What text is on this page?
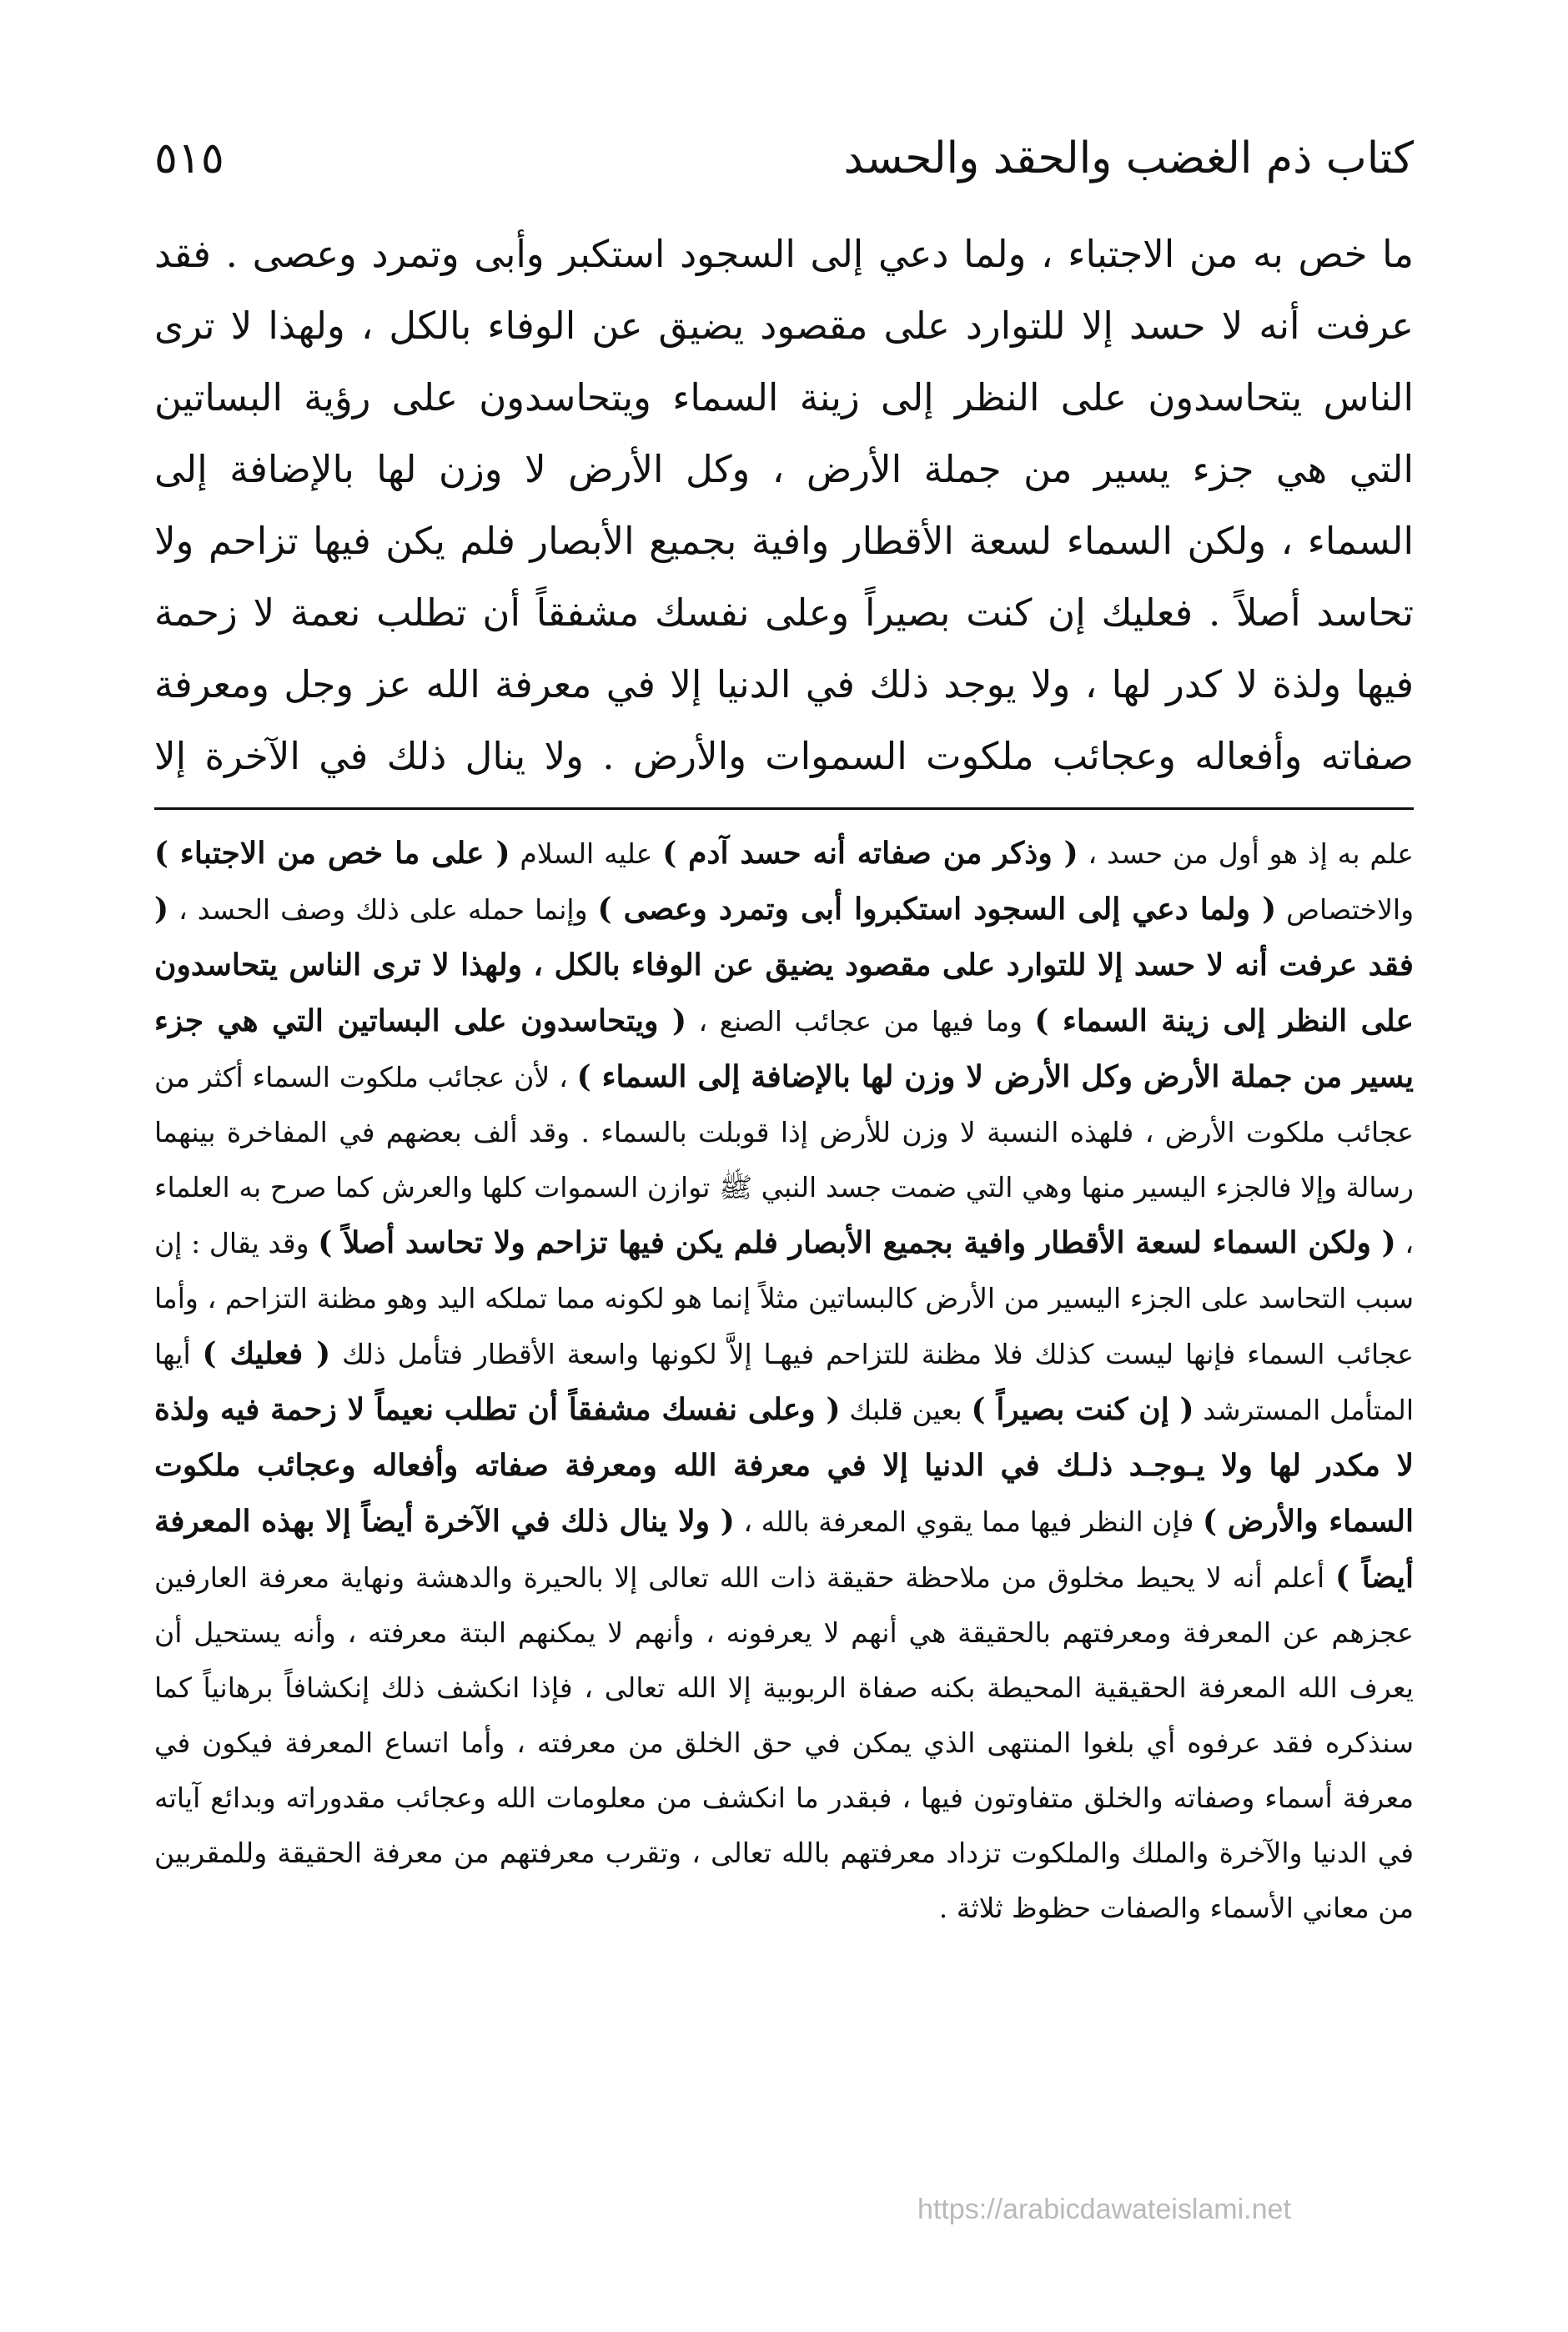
كتاب ذم الغضب والحقد والحسد
٥١٥
ما خص به من الاجتباء ، ولما دعي إلى السجود استكبر وأبى وتمرد وعصى . فقد عرفت أنه لا حسد إلا للتوارد على مقصود يضيق عن الوفاء بالكل ، ولهذا لا ترى الناس يتحاسدون على النظر إلى زينة السماء ويتحاسدون على رؤية البساتين التي هي جزء يسير من جملة الأرض ، وكل الأرض لا وزن لها بالإضافة إلى السماء ، ولكن السماء لسعة الأقطار وافية بجميع الأبصار فلم يكن فيها تزاحم ولا تحاسد أصلاً . فعليك إن كنت بصيراً وعلى نفسك مشفقاً أن تطلب نعمة لا زحمة فيها ولذة لا كدر لها ، ولا يوجد ذلك في الدنيا إلا في معرفة الله عز وجل ومعرفة صفاته وأفعاله وعجائب ملكوت السموات والأرض . ولا ينال ذلك في الآخرة إلا
علم به إذ هو أول من حسد ، ( وذكر من صفاته أنه حسد آدم ) عليه السلام ( على ما خص من الاجتباء ) والاختصاص ( ولما دعي إلى السجود استكبروا أبى وتمرد وعصى ) وإنما حمله على ذلك وصف الحسد ، ( فقد عرفت أنه لا حسد إلا للتوارد على مقصود يضيق عن الوفاء بالكل ، ولهذا لا ترى الناس يتحاسدون على النظر إلى زينة السماء ) وما فيها من عجائب الصنع ، ( ويتحاسدون على البساتين التي هي جزء يسير من جملة الأرض وكل الأرض لا وزن لها بالإضافة إلى السماء ) ، لأن عجائب ملكوت السماء أكثر من عجائب ملكوت الأرض ، فلهذه النسبة لا وزن للأرض إذا قوبلت بالسماء . وقد ألف بعضهم في المفاخرة بينهما رسالة وإلا فالجزء اليسير منها وهي التي ضمت جسد النبي ﷺ توازن السموات كلها والعرش كما صرح به العلماء ، ( ولكن السماء لسعة الأقطار وافية بجميع الأبصار فلم يكن فيها تزاحم ولا تحاسد أصلاً ) وقد يقال : إن سبب التحاسد على الجزء اليسير من الأرض كالبساتين مثلاً إنما هو لكونه مما تملكه اليد وهو مظنة التزاحم ، وأما عجائب السماء فإنها ليست كذلك فلا مظنة للتزاحم فيهـا إلاَّ لكونها واسعة الأقطار فتأمل ذلك ( فعليك ) أيها المتأمل المسترشد ( إن كنت بصيراً ) بعين قلبك ( وعلى نفسك مشفقاً أن تطلب نعيماً لا زحمة فيه ولذة لا مكدر لها ولا يـوجـد ذلـك في الدنيا إلا في معرفة الله ومعرفة صفاته وأفعاله وعجائب ملكوت السماء والأرض ) فإن النظر فيها مما يقوي المعرفة بالله ، ( ولا ينال ذلك في الآخرة أيضاً إلا بهذه المعرفة أيضاً ) أعلم أنه لا يحيط مخلوق من ملاحظة حقيقة ذات الله تعالى إلا بالحيرة والدهشة ونهاية معرفة العارفين عجزهم عن المعرفة ومعرفتهم بالحقيقة هي أنهم لا يعرفونه ، وأنهم لا يمكنهم البتة معرفته ، وأنه يستحيل أن يعرف الله المعرفة الحقيقية المحيطة بكنه صفاة الربوبية إلا الله تعالى ، فإذا انكشف ذلك إنكشافاً برهانياً كما سنذكره فقد عرفوه أي بلغوا المنتهى الذي يمكن في حق الخلق من معرفته ، وأما اتساع المعرفة فيكون في معرفة أسماء وصفاته والخلق متفاوتون فيها ، فبقدر ما انكشف من معلومات الله وعجائب مقدوراته وبدائع آياته في الدنيا والآخرة والملك والملكوت تزداد معرفتهم بالله تعالى ، وتقرب معرفتهم من معرفة الحقيقة وللمقربين من معاني الأسماء والصفات حظوظ ثلاثة .
https://arabicdawateislami.net
